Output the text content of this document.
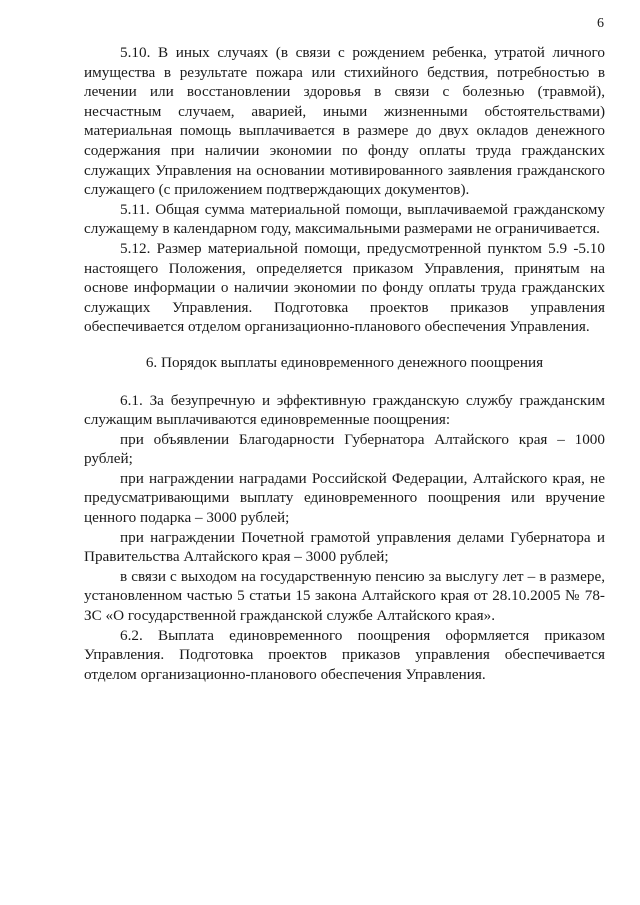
6

5.10. В иных случаях (в связи с рождением ребенка, утратой личного имущества в результате пожара или стихийного бедствия, потребностью в лечении или восстановлении здоровья в связи с болезнью (травмой), несчастным случаем, аварией, иными жизненными обстоятельствами) материальная помощь выплачивается в размере до двух окладов денежного содержания при наличии экономии по фонду оплаты труда гражданских служащих Управления на основании мотивированного заявления гражданского служащего (с приложением подтверждающих документов).

5.11. Общая сумма материальной помощи, выплачиваемой гражданскому служащему в календарном году, максимальными размерами не ограничивается.

5.12. Размер материальной помощи, предусмотренной пунктом 5.9 -5.10 настоящего Положения, определяется приказом Управления, принятым на основе информации о наличии экономии по фонду оплаты труда гражданских служащих Управления. Подготовка проектов приказов управления обеспечивается отделом организационно-планового обеспечения Управления.

6. Порядок выплаты единовременного денежного поощрения

6.1. За безупречную и эффективную гражданскую службу гражданским служащим выплачиваются единовременные поощрения:

при объявлении Благодарности Губернатора Алтайского края – 1000 рублей;

при награждении наградами Российской Федерации, Алтайского края, не предусматривающими выплату единовременного поощрения или вручение ценного подарка – 3000 рублей;

при награждении Почетной грамотой управления делами Губернатора и Правительства Алтайского края – 3000 рублей;

в связи с выходом на государственную пенсию за выслугу лет – в размере, установленном частью 5 статьи 15 закона Алтайского края от 28.10.2005 № 78-ЗС «О государственной гражданской службе Алтайского края».

6.2. Выплата единовременного поощрения оформляется приказом Управления. Подготовка проектов приказов управления обеспечивается отделом организационно-планового обеспечения Управления.
